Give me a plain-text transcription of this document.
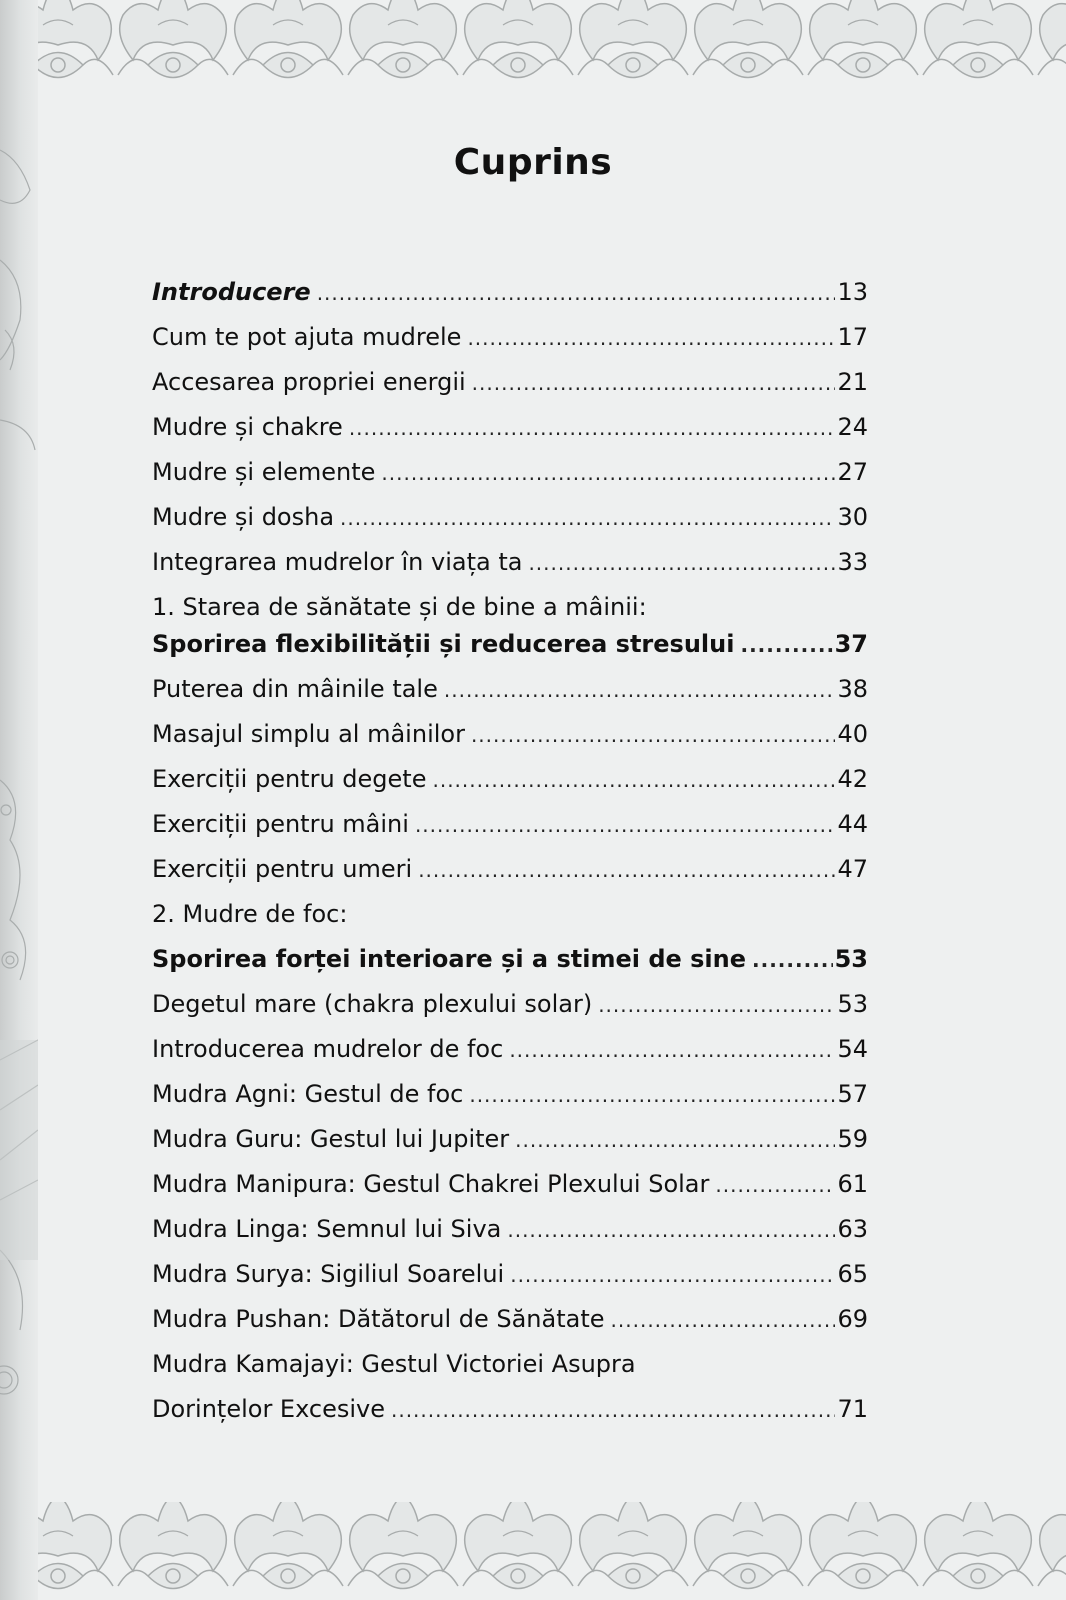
Cuprins
Introducere .....	13
Cum te pot ajuta mudrele .....	17
Accesarea propriei energii .....	21
Mudre și chakre .....	24
Mudre și elemente .....	27
Mudre și dosha .....	30
Integrarea mudrelor în viața ta .....	33
1. Starea de sănătate și de bine a mâinii:
Sporirea flexibilității și reducerea stresului .....	37
Puterea din mâinile tale .....	38
Masajul simplu al mâinilor .....	40
Exerciții pentru degete .....	42
Exerciții pentru mâini .....	44
Exerciții pentru umeri .....	47
2. Mudre de foc:
Sporirea forței interioare și a stimei de sine .....	53
Degetul mare (chakra plexului solar) .....	53
Introducerea mudrelor de foc .....	54
Mudra Agni: Gestul de foc .....	57
Mudra Guru: Gestul lui Jupiter .....	59
Mudra Manipura: Gestul Chakrei Plexului Solar .....	61
Mudra Linga: Semnul lui Siva .....	63
Mudra Surya: Sigiliul Soarelui .....	65
Mudra Pushan: Dătătorul de Sănătate .....	69
Mudra Kamajayi: Gestul Victoriei Asupra
Dorințelor Excesive .....	71
